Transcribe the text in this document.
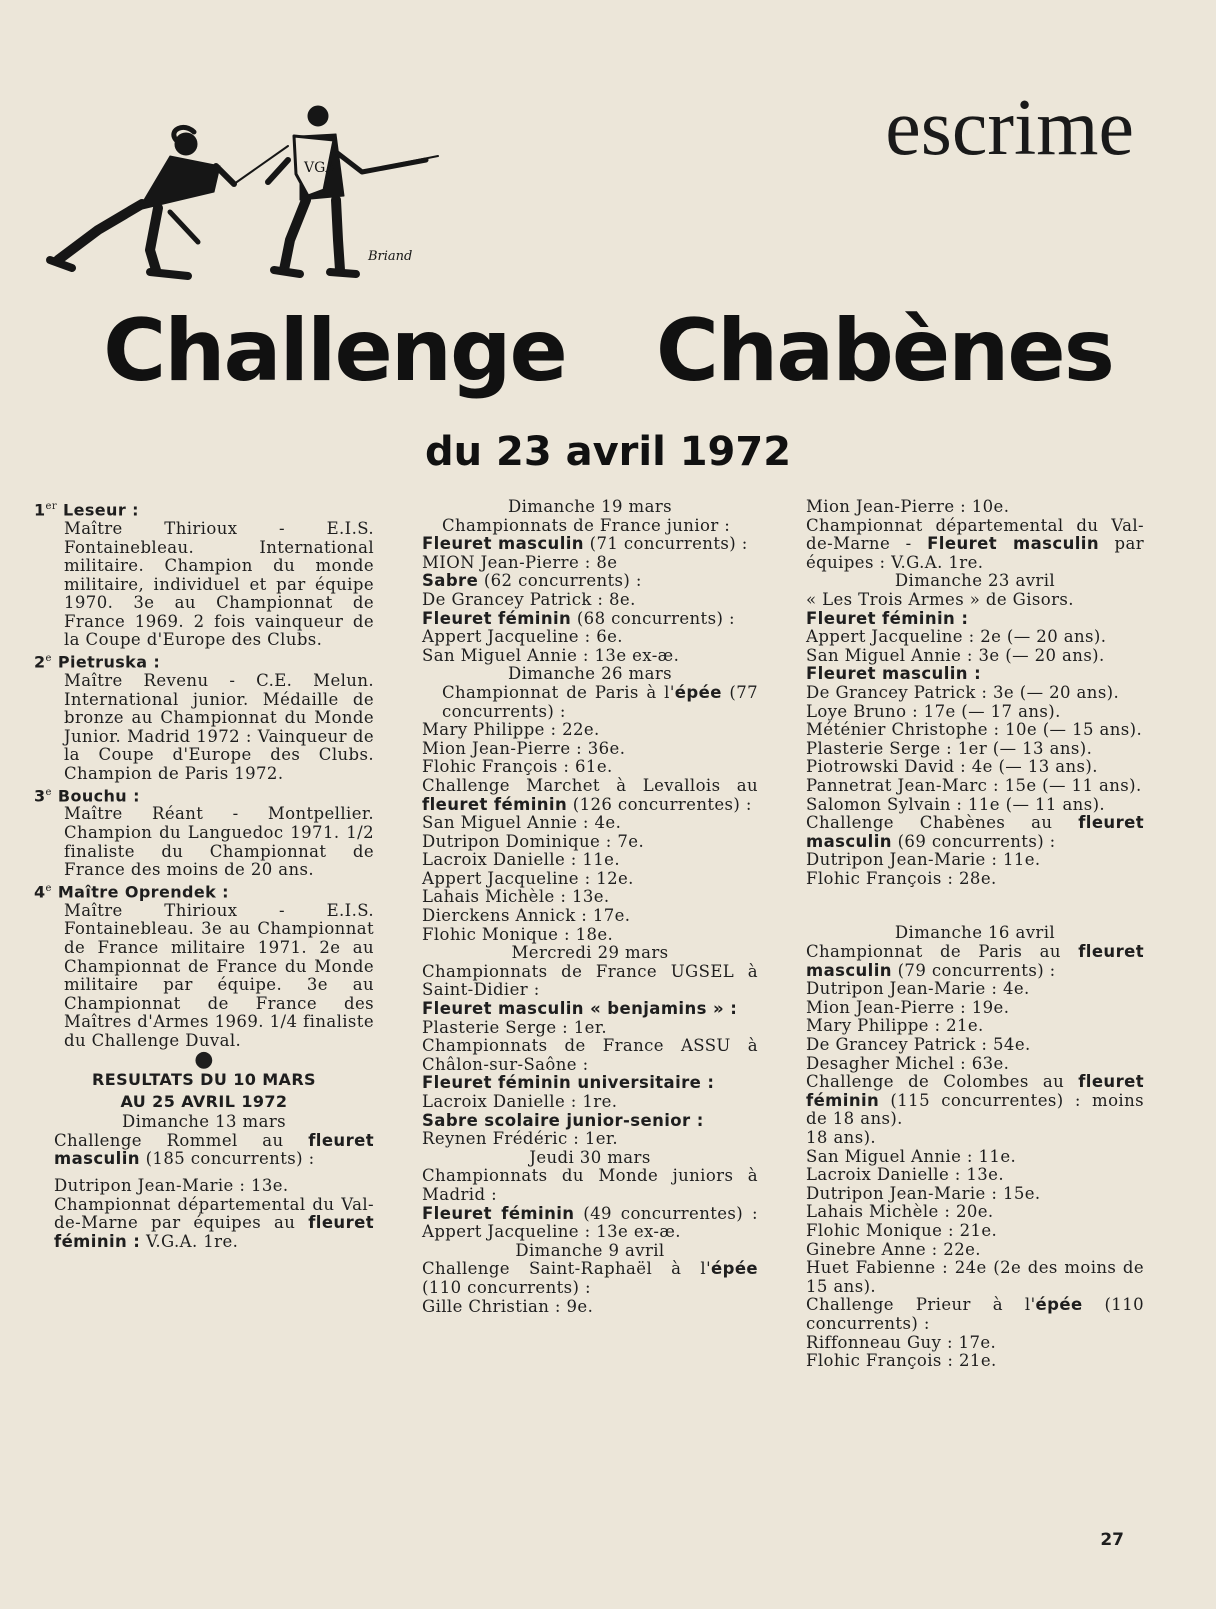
VGA
Briand
escrime
Challenge Chabènes
du 23 avril 1972

1er Leseur :

Maître Thirioux - E.I.S. Fontainebleau. International militaire. Champion du monde militaire, individuel et par équipe 1970. 3e au Championnat de France 1969. 2 fois vainqueur de la Coupe d'Europe des Clubs.

2e Pietruska :

Maître Revenu - C.E. Melun. International junior. Médaille de bronze au Championnat du Monde Junior. Madrid 1972 : Vainqueur de la Coupe d'Europe des Clubs. Champion de Paris 1972.

3e Bouchu :

Maître Réant - Montpellier. Champion du Languedoc 1971. 1/2 finaliste du Championnat de France des moins de 20 ans.

4e Maître Oprendek :

Maître Thirioux - E.I.S. Fontainebleau. 3e au Championnat de France militaire 1971. 2e au Championnat de France du Monde militaire par équipe. 3e au Championnat de France des Maîtres d'Armes 1969. 1/4 finaliste du Challenge Duval.

●

RESULTATS DU 10 MARS

AU 25 AVRIL 1972

Dimanche 13 mars

Challenge Rommel au fleuret masculin (185 concurrents) :

Dutripon Jean-Marie : 13e.

Championnat départemental du Val-de-Marne par équipes au fleuret féminin : V.G.A. 1re.

Dimanche 19 mars

Championnats de France junior :

Fleuret masculin (71 concurrents) :

MION Jean-Pierre : 8e

Sabre (62 concurrents) :

De Grancey Patrick : 8e.

Fleuret féminin (68 concurrents) :

Appert Jacqueline : 6e.

San Miguel Annie : 13e ex-æ.

Dimanche 26 mars

Championnat de Paris à l'épée (77 concurrents) :

Mary Philippe : 22e.

Mion Jean-Pierre : 36e.

Flohic François : 61e.

Challenge Marchet à Levallois au fleuret féminin (126 concurrentes) :

San Miguel Annie : 4e.

Dutripon Dominique : 7e.

Lacroix Danielle : 11e.

Appert Jacqueline : 12e.

Lahais Michèle : 13e.

Dierckens Annick : 17e.

Flohic Monique : 18e.

Mercredi 29 mars

Championnats de France UGSEL à Saint-Didier :

Fleuret masculin « benjamins » :

Plasterie Serge : 1er.

Championnats de France ASSU à Châlon-sur-Saône :

Fleuret féminin universitaire :

Lacroix Danielle : 1re.

Sabre scolaire junior-senior :

Reynen Frédéric : 1er.

Jeudi 30 mars

Championnats du Monde juniors à Madrid :

Fleuret féminin (49 concurrentes) : Appert Jacqueline : 13e ex-æ.

Dimanche 9 avril

Challenge Saint-Raphaël à l'épée (110 concurrents) :

Gille Christian : 9e.

Mion Jean-Pierre : 10e.

Championnat départemental du Val-de-Marne - Fleuret masculin par équipes : V.G.A. 1re.

Dimanche 23 avril

« Les Trois Armes » de Gisors.

Fleuret féminin :

Appert Jacqueline : 2e (— 20 ans).

San Miguel Annie : 3e (— 20 ans).

Fleuret masculin :

De Grancey Patrick : 3e (— 20 ans).

Loye Bruno : 17e (— 17 ans).

Méténier Christophe : 10e (— 15 ans).

Plasterie Serge : 1er (— 13 ans).

Piotrowski David : 4e (— 13 ans).

Pannetrat Jean-Marc : 15e (— 11 ans).

Salomon Sylvain : 11e (— 11 ans).

Challenge Chabènes au fleuret masculin (69 concurrents) :

Dutripon Jean-Marie : 11e.

Flohic François : 28e.

Dimanche 16 avril

Championnat de Paris au fleuret masculin (79 concurrents) :

Dutripon Jean-Marie : 4e.

Mion Jean-Pierre : 19e.

Mary Philippe : 21e.

De Grancey Patrick : 54e.

Desagher Michel : 63e.

Challenge de Colombes au fleuret féminin (115 concurrentes) : moins de 18 ans).

18 ans).

San Miguel Annie : 11e.

Lacroix Danielle : 13e.

Dutripon Jean-Marie : 15e.

Lahais Michèle : 20e.

Flohic Monique : 21e.

Ginebre Anne : 22e.

Huet Fabienne : 24e (2e des moins de 15 ans).

Challenge Prieur à l'épée (110 concurrents) :

Riffonneau Guy : 17e.

Flohic François : 21e.

27
